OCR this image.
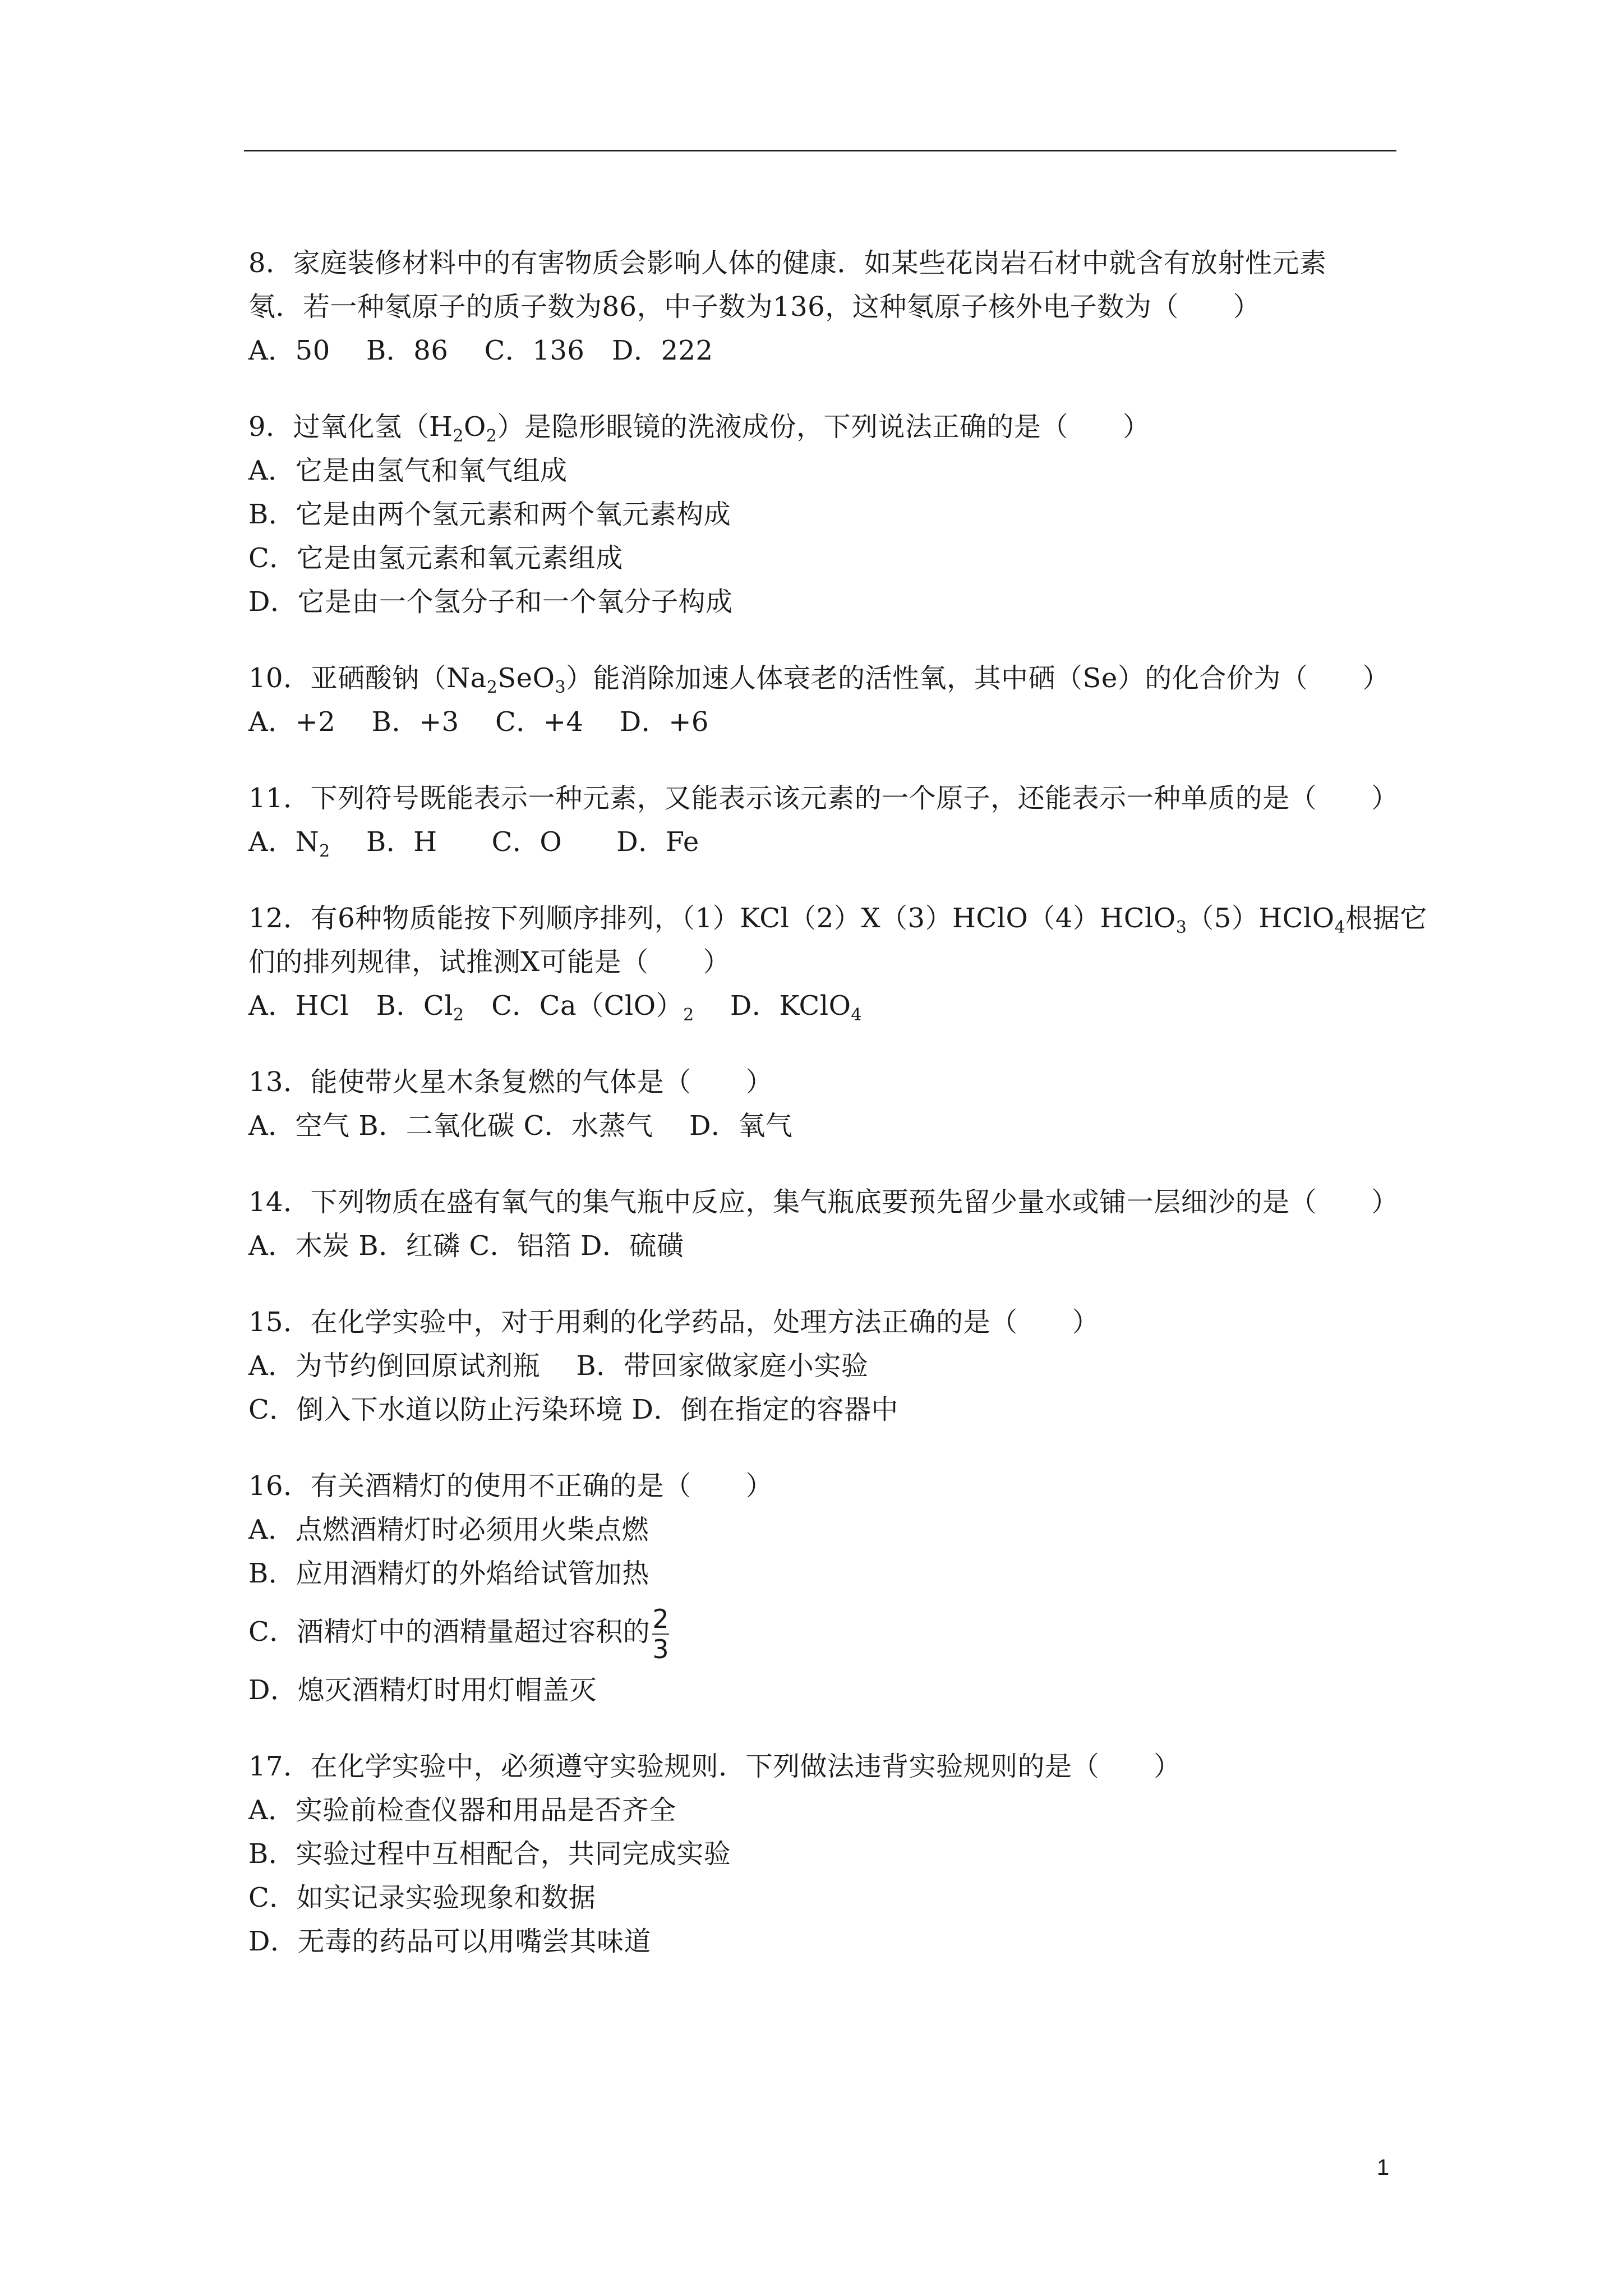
8．家庭装修材料中的有害物质会影响人体的健康．如某些花岗岩石材中就含有放射性元素

氡．若一种氡原子的质子数为86，中子数为136，这种氡原子核外电子数为（　　）

A．50　 B．86　 C．136　D．222

9．过氧化氢$(H_2O_2)$是隐形眼镜的洗液成份，下列说法正确的是（　　）

A．它是由氢气和氧气组成

B．它是由两个氢元素和两个氧元素构成

C．它是由氢元素和氧元素组成

D．它是由一个氢分子和一个氧分子构成

10．亚硒酸钠$(Na_2SeO_3)$能消除加速人体衰老的活性氧，其中硒（Se）的化合价为（　　）

A．+2　 B．+3　 C．+4　 D．+6

11．下列符号既能表示一种元素，又能表示该元素的一个原子，还能表示一种单质的是（　　）

A．$N_2$　 B．H　　C．O　　D．Fe

12．有6种物质能按下列顺序排列，（1）KCl（2）X（3）HClO（4）HClO$_3$（5）HClO$_4$根据它

们的排列规律，试推测X可能是（　　）

A．HCl　B．$Cl_2$　C．$Ca(ClO)_2$　 D．KClO$_4$

13．能使带火星木条复燃的气体是（　　）

A．空气 B．二氧化碳 C．水蒸气　 D．氧气

14．下列物质在盛有氧气的集气瓶中反应，集气瓶底要预先留少量水或铺一层细沙的是（　　）

A．木炭 B．红磷 C．铝箔 D．硫磺

15．在化学实验中，对于用剩的化学药品，处理方法正确的是（　　）

A．为节约倒回原试剂瓶　 B．带回家做家庭小实验

C．倒入下水道以防止污染环境 D．倒在指定的容器中

16．有关酒精灯的使用不正确的是（　　）

A．点燃酒精灯时必须用火柴点燃

B．应用酒精灯的外焰给试管加热

C．酒精灯中的酒精量超过容积的 $\frac{2}{3}$

D．熄灭酒精灯时用灯帽盖灭

17．在化学实验中，必须遵守实验规则．下列做法违背实验规则的是（　　）

A．实验前检查仪器和用品是否齐全

B．实验过程中互相配合，共同完成实验

C．如实记录实验现象和数据

D．无毒的药品可以用嘴尝其味道

1
